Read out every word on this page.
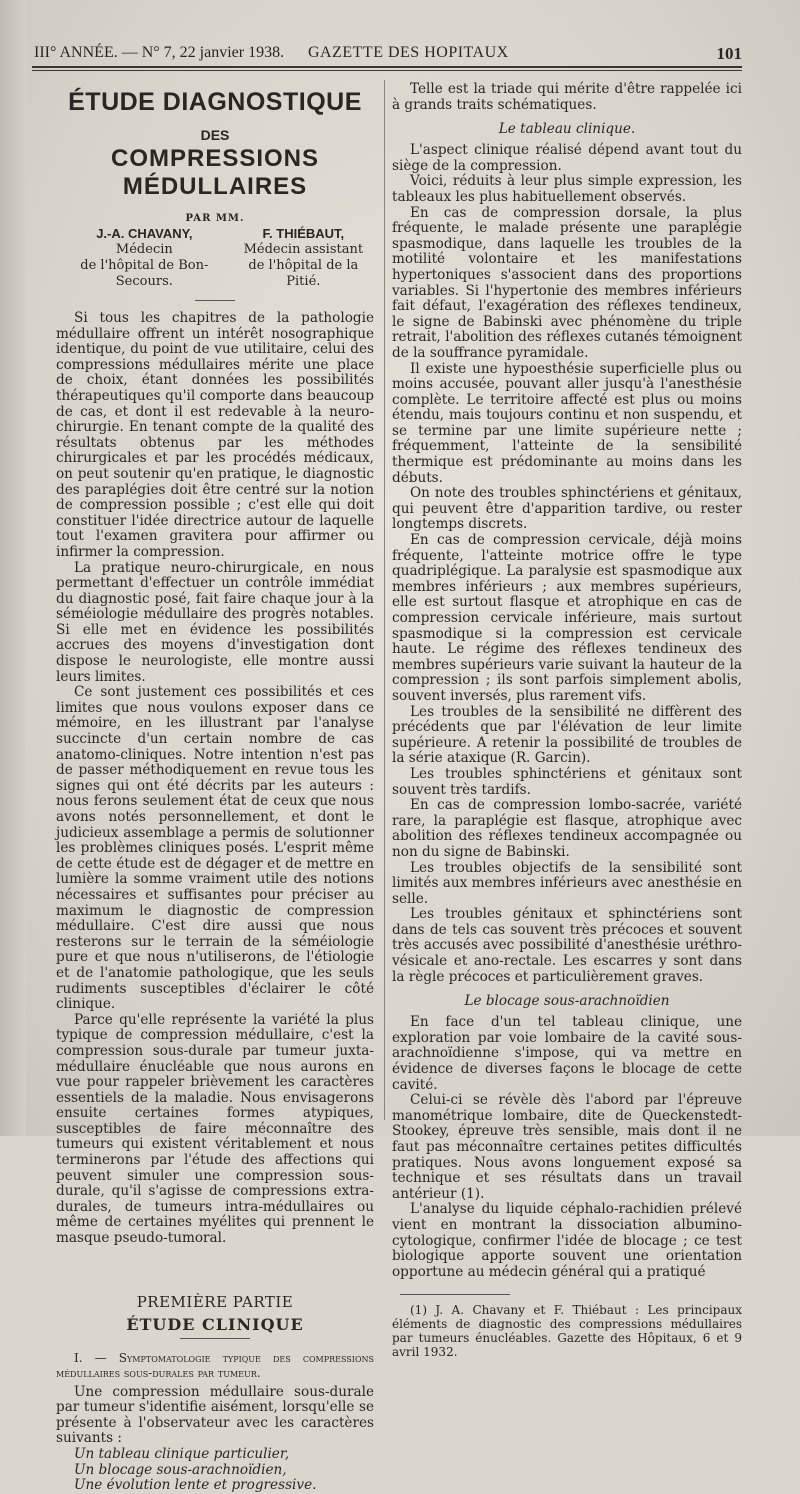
III° ANNÉE. — N° 7, 22 janvier 1938. GAZETTE DES HOPITAUX	101
ÉTUDE DIAGNOSTIQUE
DES
COMPRESSIONS MÉDULLAIRES
PAR MM.
J.-A. CHAVANY,
Médecin
de l'hôpital de Bon-Secours.
F. THIÉBAUT,
Médecin assistant
de l'hôpital de la Pitié.

Si tous les chapitres de la pathologie médullaire offrent un intérêt nosographique identique, du point de vue utilitaire, celui des compressions médullaires mérite une place de choix, étant données les possibilités thérapeutiques qu'il comporte dans beaucoup de cas, et dont il est redevable à la neuro-chirurgie. En tenant compte de la qualité des résultats obtenus par les méthodes chirurgicales et par les procédés médicaux, on peut soutenir qu'en pratique, le diagnostic des paraplégies doit être centré sur la notion de compression possible ; c'est elle qui doit constituer l'idée directrice autour de laquelle tout l'examen gravitera pour affirmer ou infirmer la compression.

La pratique neuro-chirurgicale, en nous permettant d'effectuer un contrôle immédiat du diagnostic posé, fait faire chaque jour à la séméiologie médullaire des progrès notables. Si elle met en évidence les possibilités accrues des moyens d'investigation dont dispose le neurologiste, elle montre aussi leurs limites.

Ce sont justement ces possibilités et ces limites que nous voulons exposer dans ce mémoire, en les illustrant par l'analyse succincte d'un certain nombre de cas anatomo-cliniques. Notre intention n'est pas de passer méthodiquement en revue tous les signes qui ont été décrits par les auteurs : nous ferons seulement état de ceux que nous avons notés personnellement, et dont le judicieux assemblage a permis de solutionner les problèmes cliniques posés. L'esprit même de cette étude est de dégager et de mettre en lumière la somme vraiment utile des notions nécessaires et suffisantes pour préciser au maximum le diagnostic de compression médullaire. C'est dire aussi que nous resterons sur le terrain de la séméiologie pure et que nous n'utiliserons, de l'étiologie et de l'anatomie pathologique, que les seuls rudiments susceptibles d'éclairer le côté clinique.

Parce qu'elle représente la variété la plus typique de compression médullaire, c'est la compression sous-durale par tumeur juxta-médullaire énucléable que nous aurons en vue pour rappeler brièvement les caractères essentiels de la maladie. Nous envisagerons ensuite certaines formes atypiques, susceptibles de faire méconnaître des tumeurs qui existent véritablement et nous terminerons par l'étude des affections qui peuvent simuler une compression sous-durale, qu'il s'agisse de compressions extra-durales, de tumeurs intra-médullaires ou même de certaines myélites qui prennent le masque pseudo-tumoral.

PREMIÈRE PARTIE
ÉTUDE CLINIQUE
I. — Symptomatologie typique des compressions médullaires sous-durales par tumeur.

Une compression médullaire sous-durale par tumeur s'identifie aisément, lorsqu'elle se présente à l'observateur avec les caractères suivants :

Un tableau clinique particulier,

Un blocage sous-arachnoïdien,

Une évolution lente et progressive.

Telle est la triade qui mérite d'être rappelée ici à grands traits schématiques.

Le tableau clinique.

L'aspect clinique réalisé dépend avant tout du siège de la compression.

Voici, réduits à leur plus simple expression, les tableaux les plus habituellement observés.

En cas de compression dorsale, la plus fréquente, le malade présente une paraplégie spasmodique, dans laquelle les troubles de la motilité volontaire et les manifestations hypertoniques s'associent dans des proportions variables. Si l'hypertonie des membres inférieurs fait défaut, l'exagération des réflexes tendineux, le signe de Babinski avec phénomène du triple retrait, l'abolition des réflexes cutanés témoignent de la souffrance pyramidale.

Il existe une hypoesthésie superficielle plus ou moins accusée, pouvant aller jusqu'à l'anesthésie complète. Le territoire affecté est plus ou moins étendu, mais toujours continu et non suspendu, et se termine par une limite supérieure nette ; fréquemment, l'atteinte de la sensibilité thermique est prédominante au moins dans les débuts.

On note des troubles sphinctériens et génitaux, qui peuvent être d'apparition tardive, ou rester longtemps discrets.

En cas de compression cervicale, déjà moins fréquente, l'atteinte motrice offre le type quadriplégique. La paralysie est spasmodique aux membres inférieurs ; aux membres supérieurs, elle est surtout flasque et atrophique en cas de compression cervicale inférieure, mais surtout spasmodique si la compression est cervicale haute. Le régime des réflexes tendineux des membres supérieurs varie suivant la hauteur de la compression ; ils sont parfois simplement abolis, souvent inversés, plus rarement vifs.

Les troubles de la sensibilité ne diffèrent des précédents que par l'élévation de leur limite supérieure. A retenir la possibilité de troubles de la série ataxique (R. Garcin).

Les troubles sphinctériens et génitaux sont souvent très tardifs.

En cas de compression lombo-sacrée, variété rare, la paraplégie est flasque, atrophique avec abolition des réflexes tendineux accompagnée ou non du signe de Babinski.

Les troubles objectifs de la sensibilité sont limités aux membres inférieurs avec anesthésie en selle.

Les troubles génitaux et sphinctériens sont dans de tels cas souvent très précoces et souvent très accusés avec possibilité d'anesthésie uréthro-vésicale et ano-rectale. Les escarres y sont dans la règle précoces et particulièrement graves.

Le blocage sous-arachnoïdien

En face d'un tel tableau clinique, une exploration par voie lombaire de la cavité sous-arachnoïdienne s'impose, qui va mettre en évidence de diverses façons le blocage de cette cavité.

Celui-ci se révèle dès l'abord par l'épreuve manométrique lombaire, dite de Queckenstedt-Stookey, épreuve très sensible, mais dont il ne faut pas méconnaître certaines petites difficultés pratiques. Nous avons longuement exposé sa technique et ses résultats dans un travail antérieur (1).

L'analyse du liquide céphalo-rachidien prélevé vient en montrant la dissociation albumino-cytologique, confirmer l'idée de blocage ; ce test biologique apporte souvent une orientation opportune au médecin général qui a pratiqué

(1) J. A. Chavany et F. Thiébaut : Les principaux éléments de diagnostic des compressions médullaires par tumeurs énucléables. Gazette des Hôpitaux, 6 et 9 avril 1932.
